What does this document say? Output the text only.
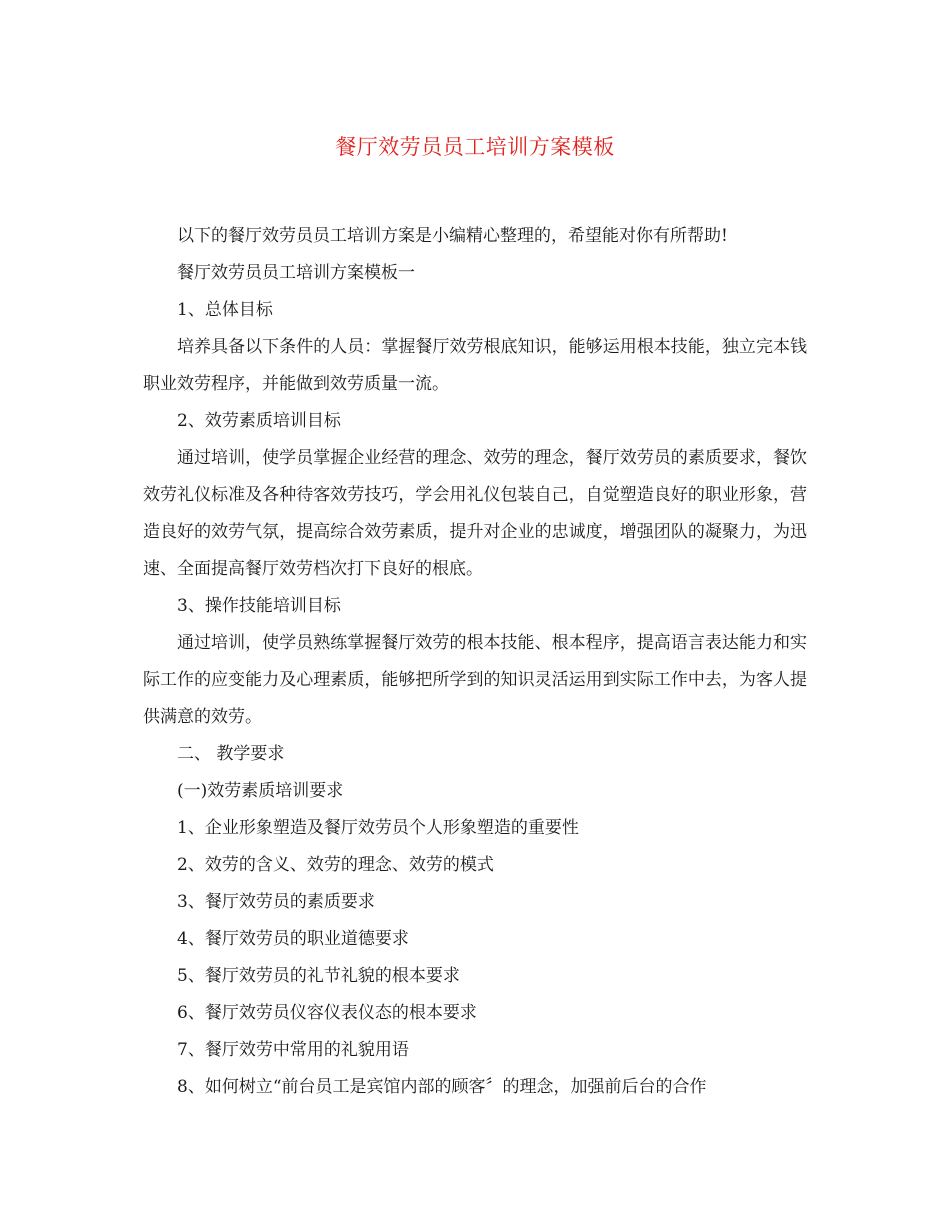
餐厅效劳员员工培训方案模板

以下的餐厅效劳员员工培训方案是小编精心整理的，希望能对你有所帮助!

餐厅效劳员员工培训方案模板一

1、总体目标

培养具备以下条件的人员：掌握餐厅效劳根底知识，能够运用根本技能，独立完本钱职业效劳程序，并能做到效劳质量一流。

2、效劳素质培训目标

通过培训，使学员掌握企业经营的理念、效劳的理念，餐厅效劳员的素质要求，餐饮效劳礼仪标准及各种待客效劳技巧，学会用礼仪包装自己，自觉塑造良好的职业形象，营造良好的效劳气氛，提高综合效劳素质，提升对企业的忠诚度，增强团队的凝聚力，为迅速、全面提高餐厅效劳档次打下良好的根底。

3、操作技能培训目标

通过培训，使学员熟练掌握餐厅效劳的根本技能、根本程序，提高语言表达能力和实际工作的应变能力及心理素质，能够把所学到的知识灵活运用到实际工作中去，为客人提供满意的效劳。

二、 教学要求

(一)效劳素质培训要求

1、企业形象塑造及餐厅效劳员个人形象塑造的重要性

2、效劳的含义、效劳的理念、效劳的模式

3、餐厅效劳员的素质要求

4、餐厅效劳员的职业道德要求

5、餐厅效劳员的礼节礼貌的根本要求

6、餐厅效劳员仪容仪表仪态的根本要求

7、餐厅效劳中常用的礼貌用语

8、如何树立“前台员工是宾馆内部的顾客〞的理念，加强前后台的合作
